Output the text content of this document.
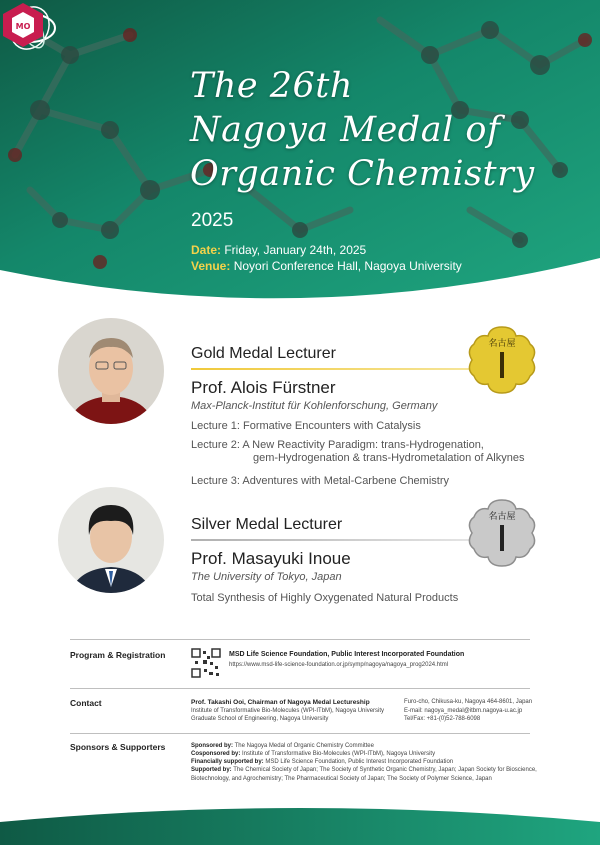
MO
The 26th
Nagoya Medal of
Organic Chemistry
2025
Date: Friday, January 24th, 2025
Venue: Noyori Conference Hall, Nagoya University
Gold Medal Lecturer
Prof. Alois Fürstner
Max-Planck-Institut für Kohlenforschung, Germany
Lecture 1: Formative Encounters with Catalysis
Lecture 2: A New Reactivity Paradigm: trans-Hydrogenation,
gem-Hydrogenation & trans-Hydrometalation of Alkynes
Lecture 3: Adventures with Metal-Carbene Chemistry
名古屋
Silver Medal Lecturer
Prof. Masayuki Inoue
The University of Tokyo, Japan
Total Synthesis of Highly Oxygenated Natural Products
名古屋
Program & Registration	MSD Life Science Foundation, Public Interest Incorporated Foundation
https://www.msd-life-science-foundation.or.jp/symp/nagoya/nagoya_prog2024.html
Contact	Prof. Takashi Ooi, Chairman of Nagoya Medal Lectureship
Institute of Transformative Bio-Molecules (WPI-ITbM), Nagoya University
Graduate School of Engineering, Nagoya University
Furo-cho, Chikusa-ku, Nagoya 464-8601, Japan
E-mail: nagoya_medal@itbm.nagoya-u.ac.jp
Tel/Fax: +81-(0)52-788-6098
Sponsors & Supporters	Sponsored by: The Nagoya Medal of Organic Chemistry Committee
Cosponsored by: Institute of Transformative Bio-Molecules (WPI-ITbM), Nagoya University
Financially supported by: MSD Life Science Foundation, Public Interest Incorporated Foundation
Supported by: The Chemical Society of Japan; The Society of Synthetic Organic Chemistry, Japan; Japan Society for Bioscience,
Biotechnology, and Agrochemistry; The Pharmaceutical Society of Japan; The Society of Polymer Science, Japan
